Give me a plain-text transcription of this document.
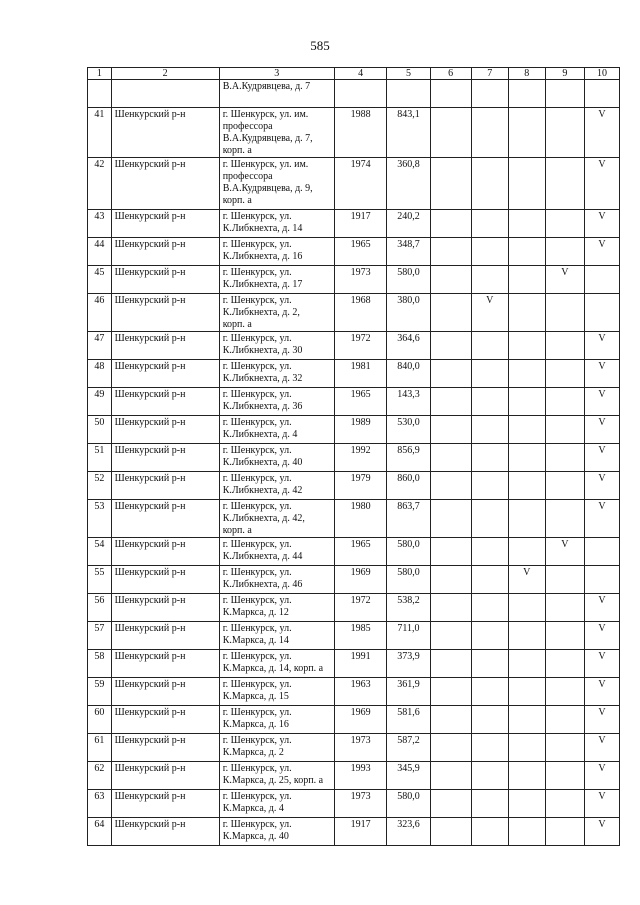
585
1	2	3	4	5	6	7	8	9	10
		В.А.Кудрявцева, д. 7							
41	Шенкурский р-н	г. Шенкурск, ул. им.
профессора
В.А.Кудрявцева, д. 7,
корп. а	1988	843,1					V
42	Шенкурский р-н	г. Шенкурск, ул. им.
профессора
В.А.Кудрявцева, д. 9,
корп. а	1974	360,8					V
43	Шенкурский р-н	г. Шенкурск, ул.
К.Либкнехта, д. 14	1917	240,2					V
44	Шенкурский р-н	г. Шенкурск, ул.
К.Либкнехта, д. 16	1965	348,7					V
45	Шенкурский р-н	г. Шенкурск, ул.
К.Либкнехта, д. 17	1973	580,0				V	
46	Шенкурский р-н	г. Шенкурск, ул.
К.Либкнехта, д. 2,
корп. а	1968	380,0		V			
47	Шенкурский р-н	г. Шенкурск, ул.
К.Либкнехта, д. 30	1972	364,6					V
48	Шенкурский р-н	г. Шенкурск, ул.
К.Либкнехта, д. 32	1981	840,0					V
49	Шенкурский р-н	г. Шенкурск, ул.
К.Либкнехта, д. 36	1965	143,3					V
50	Шенкурский р-н	г. Шенкурск, ул.
К.Либкнехта, д. 4	1989	530,0					V
51	Шенкурский р-н	г. Шенкурск, ул.
К.Либкнехта, д. 40	1992	856,9					V
52	Шенкурский р-н	г. Шенкурск, ул.
К.Либкнехта, д. 42	1979	860,0					V
53	Шенкурский р-н	г. Шенкурск, ул.
К.Либкнехта, д. 42,
корп. а	1980	863,7					V
54	Шенкурский р-н	г. Шенкурск, ул.
К.Либкнехта, д. 44	1965	580,0				V	
55	Шенкурский р-н	г. Шенкурск, ул.
К.Либкнехта, д. 46	1969	580,0			V		
56	Шенкурский р-н	г. Шенкурск, ул.
К.Маркса, д. 12	1972	538,2					V
57	Шенкурский р-н	г. Шенкурск, ул.
К.Маркса, д. 14	1985	711,0					V
58	Шенкурский р-н	г. Шенкурск, ул.
К.Маркса, д. 14, корп. а	1991	373,9					V
59	Шенкурский р-н	г. Шенкурск, ул.
К.Маркса, д. 15	1963	361,9					V
60	Шенкурский р-н	г. Шенкурск, ул.
К.Маркса, д. 16	1969	581,6					V
61	Шенкурский р-н	г. Шенкурск, ул.
К.Маркса, д. 2	1973	587,2					V
62	Шенкурский р-н	г. Шенкурск, ул.
К.Маркса, д. 25, корп. а	1993	345,9					V
63	Шенкурский р-н	г. Шенкурск, ул.
К.Маркса, д. 4	1973	580,0					V
64	Шенкурский р-н	г. Шенкурск, ул.
К.Маркса, д. 40	1917	323,6					V
